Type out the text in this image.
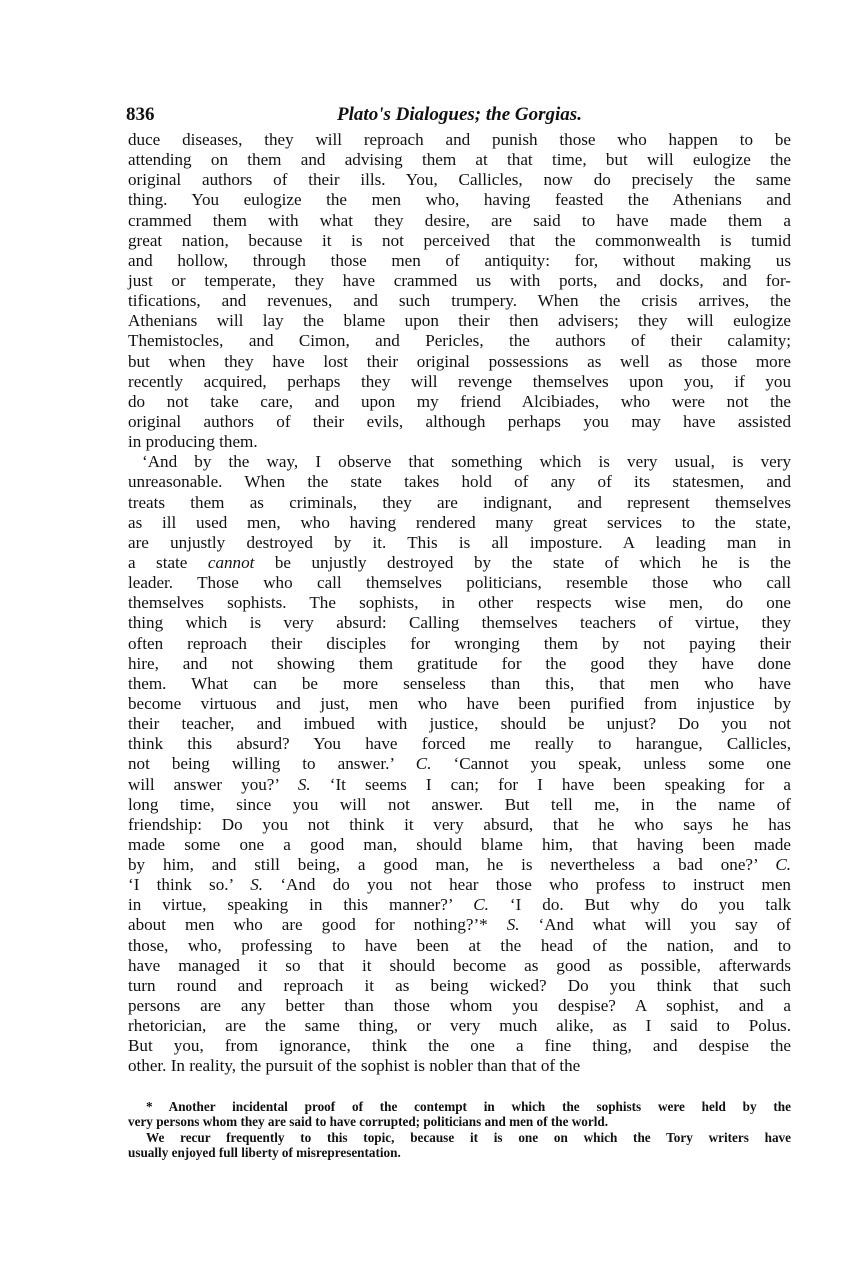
836	Plato's Dialogues; the Gorgias.
duce diseases, they will reproach and punish those who happen to be
attending on them and advising them at that time, but will eulogize the
original authors of their ills. You, Callicles, now do precisely the same
thing. You eulogize the men who, having feasted the Athenians and
crammed them with what they desire, are said to have made them a
great nation, because it is not perceived that the commonwealth is tumid
and hollow, through those men of antiquity: for, without making us
just or temperate, they have crammed us with ports, and docks, and for-
tifications, and revenues, and such trumpery. When the crisis arrives, the
Athenians will lay the blame upon their then advisers; they will eulogize
Themistocles, and Cimon, and Pericles, the authors of their calamity;
but when they have lost their original possessions as well as those more
recently acquired, perhaps they will revenge themselves upon you, if you
do not take care, and upon my friend Alcibiades, who were not the
original authors of their evils, although perhaps you may have assisted
in producing them.
‘And by the way, I observe that something which is very usual, is very
unreasonable. When the state takes hold of any of its statesmen, and
treats them as criminals, they are indignant, and represent themselves
as ill used men, who having rendered many great services to the state,
are unjustly destroyed by it. This is all imposture. A leading man in
a state cannot be unjustly destroyed by the state of which he is the
leader. Those who call themselves politicians, resemble those who call
themselves sophists. The sophists, in other respects wise men, do one
thing which is very absurd: Calling themselves teachers of virtue, they
often reproach their disciples for wronging them by not paying their
hire, and not showing them gratitude for the good they have done
them. What can be more senseless than this, that men who have
become virtuous and just, men who have been purified from injustice by
their teacher, and imbued with justice, should be unjust? Do you not
think this absurd? You have forced me really to harangue, Callicles,
not being willing to answer.’ C. ‘Cannot you speak, unless some one
will answer you?’ S. ‘It seems I can; for I have been speaking for a
long time, since you will not answer. But tell me, in the name of
friendship: Do you not think it very absurd, that he who says he has
made some one a good man, should blame him, that having been made
by him, and still being, a good man, he is nevertheless a bad one?’ C.
‘I think so.’ S. ‘And do you not hear those who profess to instruct men
in virtue, speaking in this manner?’ C. ‘I do. But why do you talk
about men who are good for nothing?’* S. ‘And what will you say of
those, who, professing to have been at the head of the nation, and to
have managed it so that it should become as good as possible, afterwards
turn round and reproach it as being wicked? Do you think that such
persons are any better than those whom you despise? A sophist, and a
rhetorician, are the same thing, or very much alike, as I said to Polus.
But you, from ignorance, think the one a fine thing, and despise the
other. In reality, the pursuit of the sophist is nobler than that of the
* Another incidental proof of the contempt in which the sophists were held by the
very persons whom they are said to have corrupted; politicians and men of the world.
We recur frequently to this topic, because it is one on which the Tory writers have
usually enjoyed full liberty of misrepresentation.
